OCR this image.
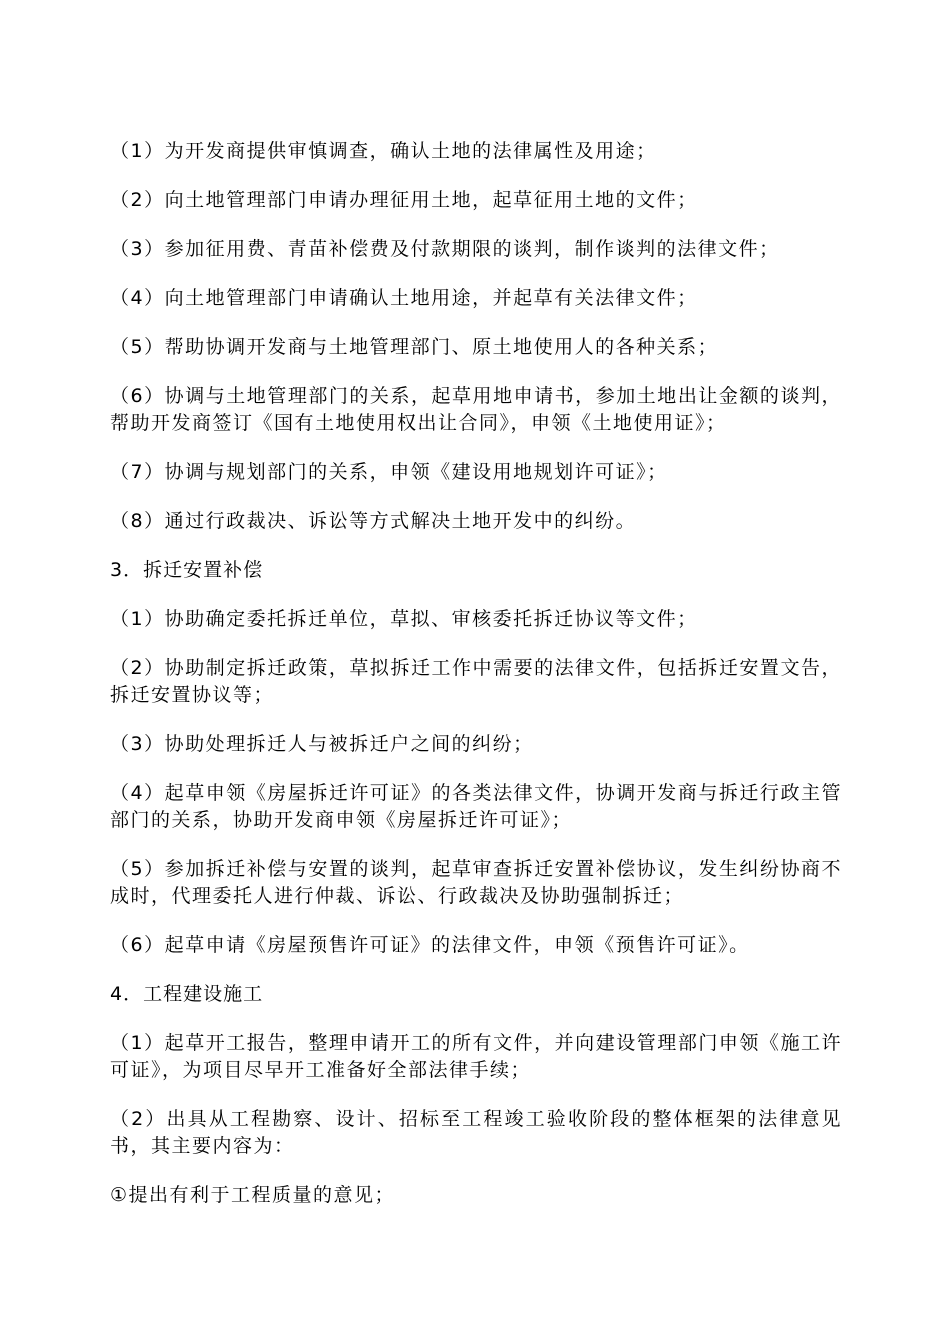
（1）为开发商提供审慎调查，确认土地的法律属性及用途；

（2）向土地管理部门申请办理征用土地，起草征用土地的文件；

（3）参加征用费、青苗补偿费及付款期限的谈判，制作谈判的法律文件；

（4）向土地管理部门申请确认土地用途，并起草有关法律文件；

（5）帮助协调开发商与土地管理部门、原土地使用人的各种关系；

（6）协调与土地管理部门的关系，起草用地申请书，参加土地出让金额的谈判，帮助开发商签订《国有土地使用权出让合同》，申领《土地使用证》；

（7）协调与规划部门的关系，申领《建设用地规划许可证》；

（8）通过行政裁决、诉讼等方式解决土地开发中的纠纷。

3．拆迁安置补偿

（1）协助确定委托拆迁单位，草拟、审核委托拆迁协议等文件；

（2）协助制定拆迁政策，草拟拆迁工作中需要的法律文件，包括拆迁安置文告，拆迁安置协议等；

（3）协助处理拆迁人与被拆迁户之间的纠纷；

（4）起草申领《房屋拆迁许可证》的各类法律文件，协调开发商与拆迁行政主管部门的关系，协助开发商申领《房屋拆迁许可证》；

（5）参加拆迁补偿与安置的谈判，起草审查拆迁安置补偿协议，发生纠纷协商不成时，代理委托人进行仲裁、诉讼、行政裁决及协助强制拆迁；

（6）起草申请《房屋预售许可证》的法律文件，申领《预售许可证》。

4．工程建设施工

（1）起草开工报告，整理申请开工的所有文件，并向建设管理部门申领《施工许可证》，为项目尽早开工准备好全部法律手续；

（2）出具从工程勘察、设计、招标至工程竣工验收阶段的整体框架的法律意见书，其主要内容为：

①提出有利于工程质量的意见；
